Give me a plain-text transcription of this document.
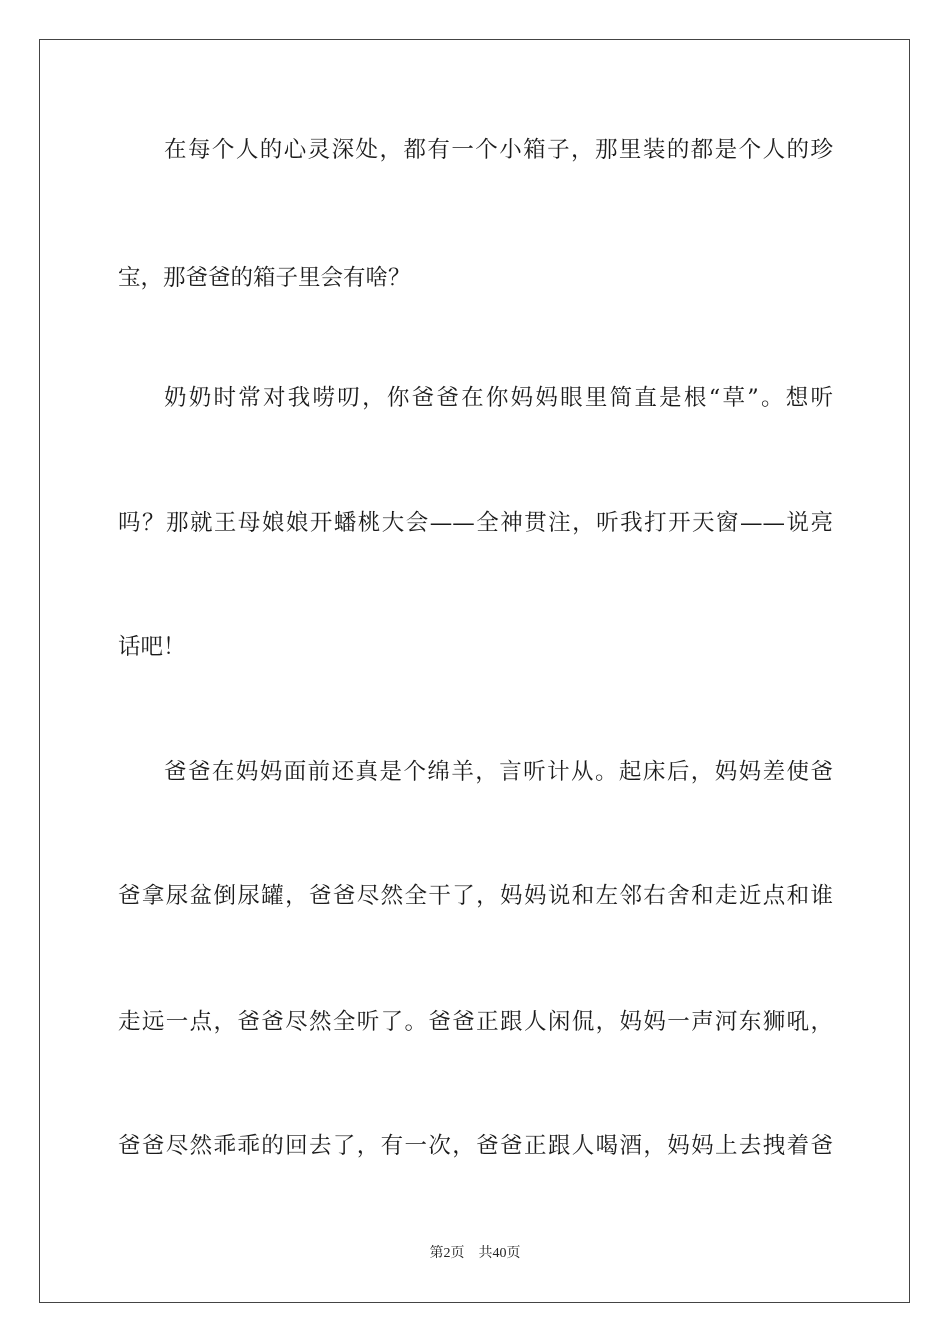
在每个人的心灵深处，都有一个小箱子，那里装的都是个人的珍
宝，那爸爸的箱子里会有啥？
奶奶时常对我唠叨，你爸爸在你妈妈眼里简直是根“草”。想听
吗？那就王母娘娘开蟠桃大会——全神贯注，听我打开天窗——说亮
话吧！
爸爸在妈妈面前还真是个绵羊，言听计从。起床后，妈妈差使爸
爸拿尿盆倒尿罐，爸爸尽然全干了，妈妈说和左邻右舍和走近点和谁
走远一点，爸爸尽然全听了。爸爸正跟人闲侃，妈妈一声河东狮吼，
爸爸尽然乖乖的回去了，有一次，爸爸正跟人喝酒，妈妈上去拽着爸
第2页 共40页
